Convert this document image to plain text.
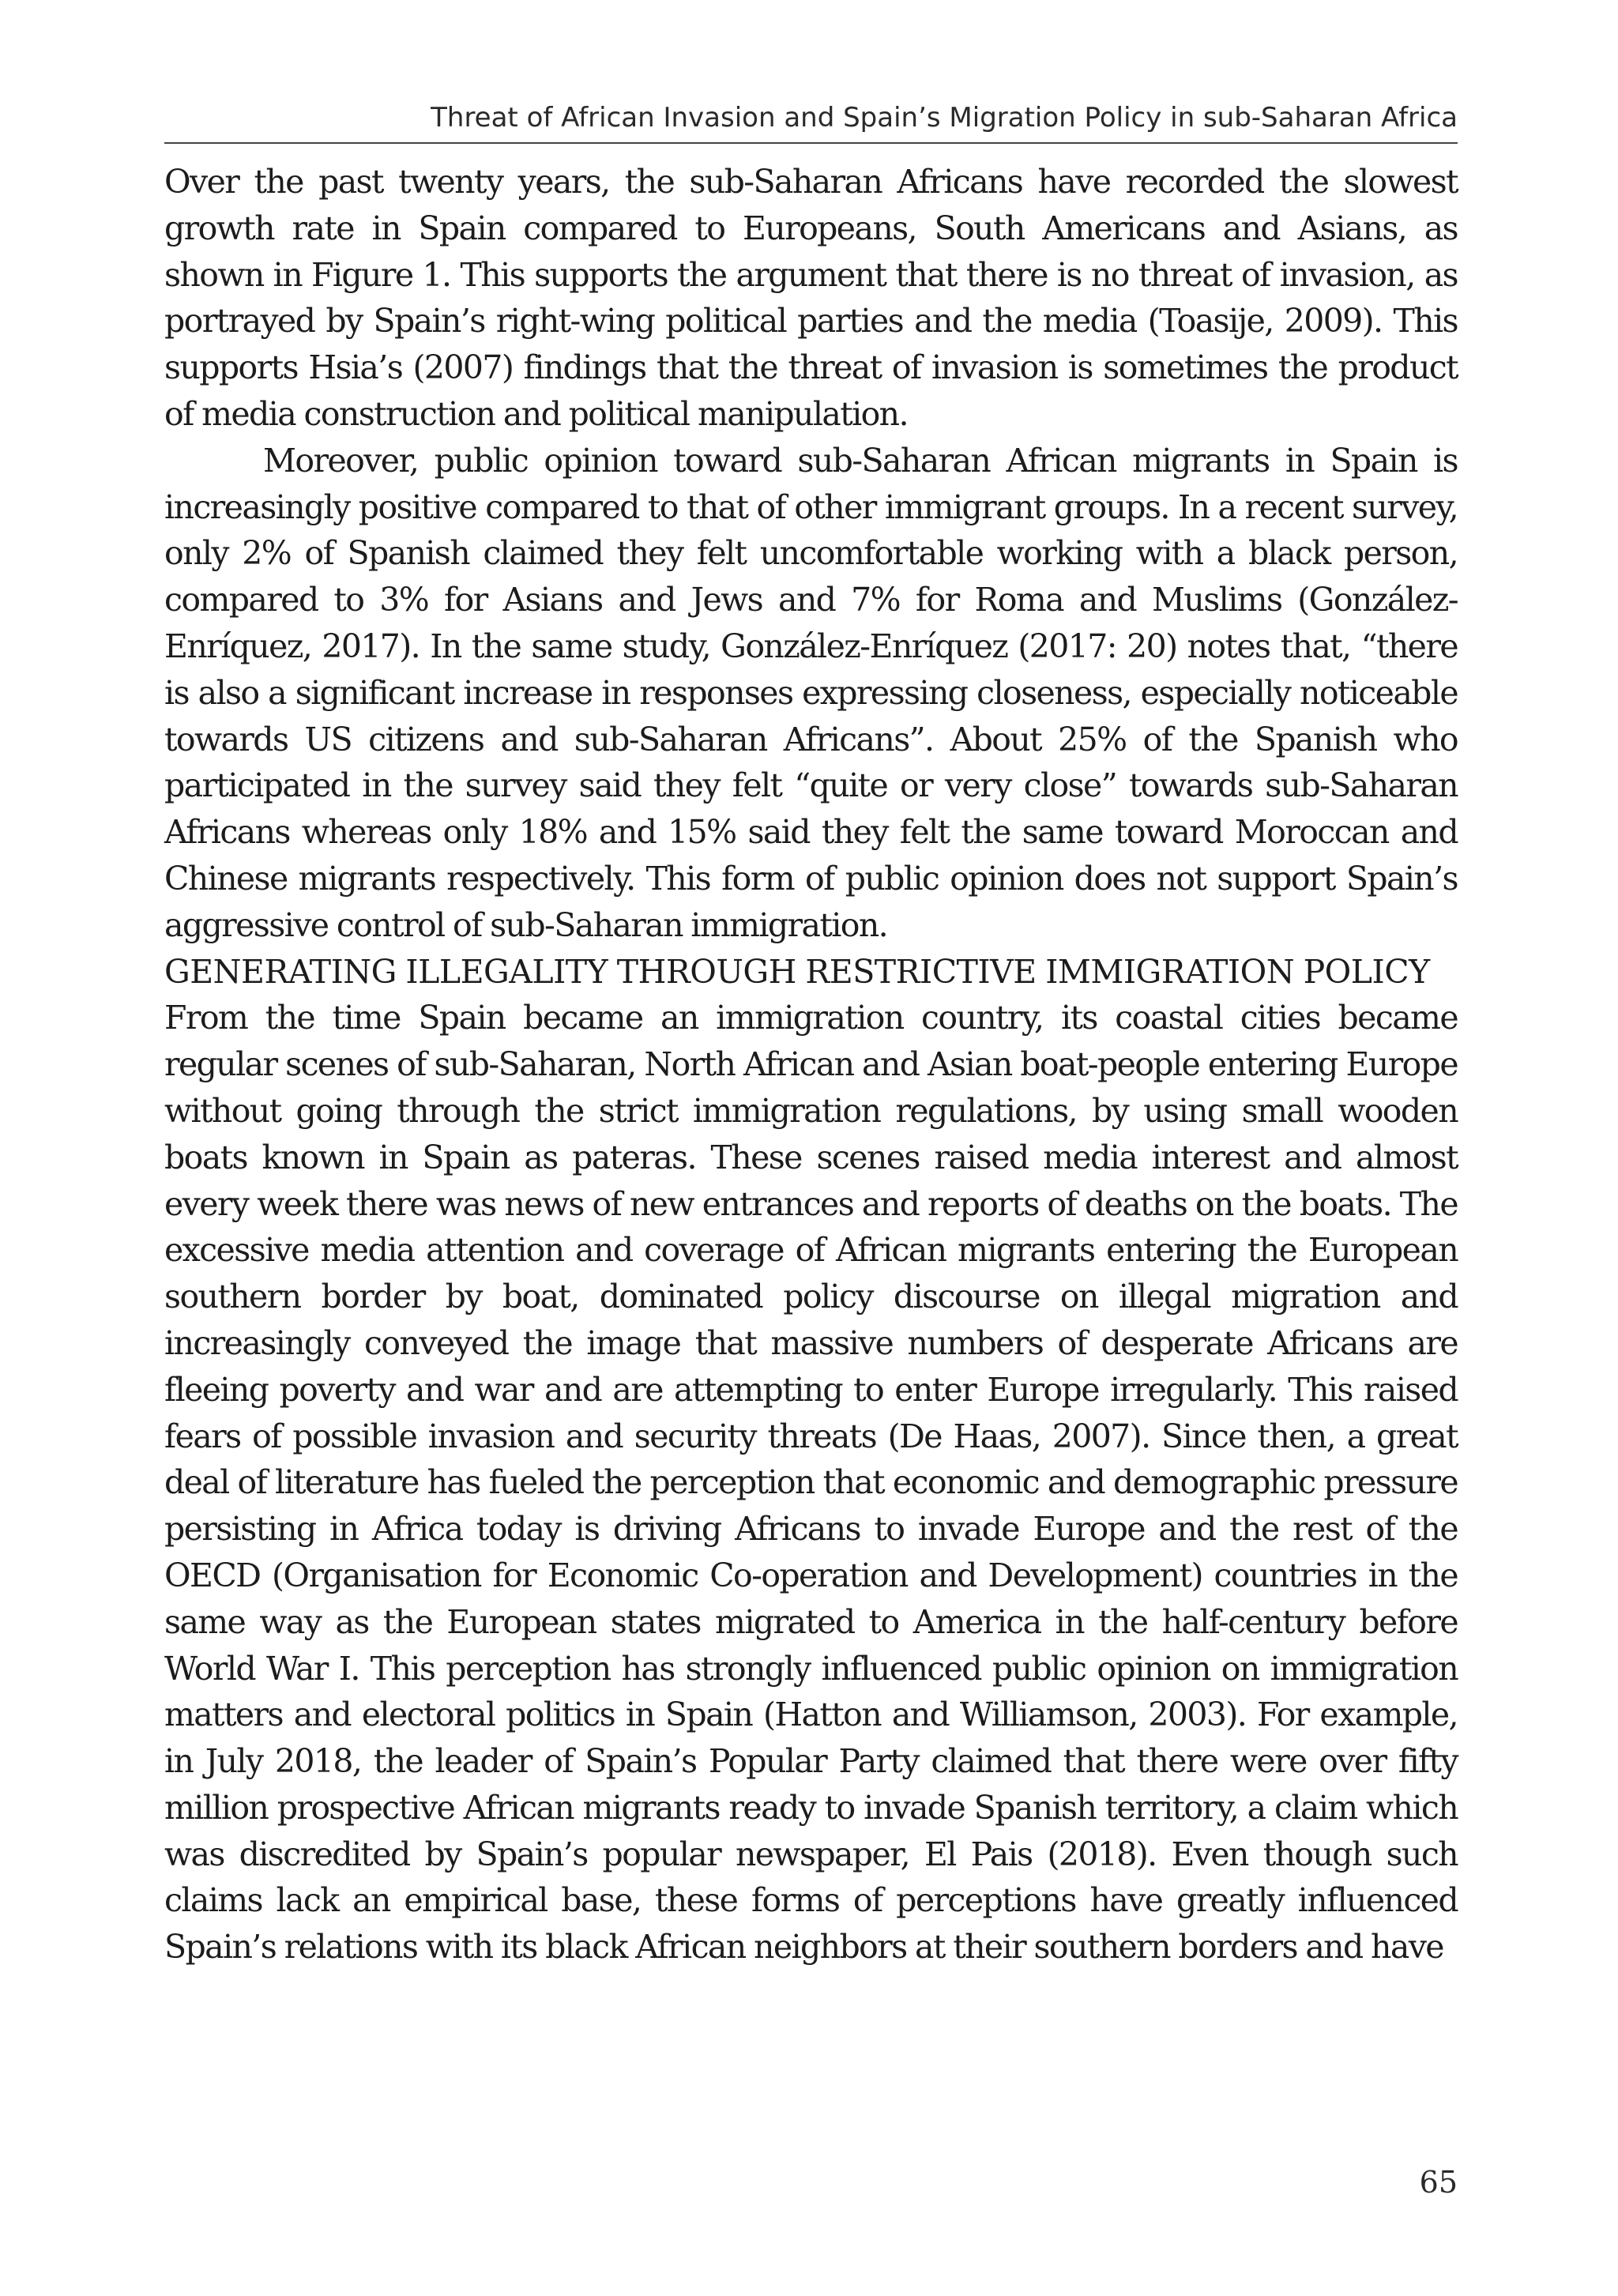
Threat of African Invasion and Spain’s Migration Policy in sub-Saharan Africa

Over the past twenty years, the sub-Saharan Africans have recorded the slowest growth rate in Spain compared to Europeans, South Americans and Asians, as shown in Figure 1. This supports the argument that there is no threat of invasion, as portrayed by Spain’s right-wing political parties and the media (Toasije, 2009). This supports Hsia’s (2007) findings that the threat of invasion is sometimes the product of media construction and political manipulation.

Moreover, public opinion toward sub-Saharan African migrants in Spain is increasingly positive compared to that of other immigrant groups. In a recent survey, only 2% of Spanish claimed they felt uncomfortable working with a black person, compared to 3% for Asians and Jews and 7% for Roma and Muslims (González-Enríquez, 2017). In the same study, González-Enríquez (2017: 20) notes that, “there is also a significant increase in responses expressing closeness, especially noticeable towards US citizens and sub-Saharan Africans”. About 25% of the Spanish who participated in the survey said they felt “quite or very close” towards sub-Saharan Africans whereas only 18% and 15% said they felt the same toward Moroccan and Chinese migrants respectively. This form of public opinion does not support Spain’s aggressive control of sub-Saharan immigration.

GENERATING ILLEGALITY THROUGH RESTRICTIVE IMMIGRATION POLICY

From the time Spain became an immigration country, its coastal cities became regular scenes of sub-Saharan, North African and Asian boat-people entering Europe without going through the strict immigration regulations, by using small wooden boats known in Spain as pateras. These scenes raised media interest and almost every week there was news of new entrances and reports of deaths on the boats. The excessive media attention and coverage of African migrants entering the European southern border by boat, dominated policy discourse on illegal migration and increasingly conveyed the image that massive numbers of desperate Africans are fleeing poverty and war and are attempting to enter Europe irregularly. This raised fears of possible invasion and security threats (De Haas, 2007). Since then, a great deal of literature has fueled the perception that economic and demographic pressure persisting in Africa today is driving Africans to invade Europe and the rest of the OECD (Organisation for Economic Co-operation and Development) countries in the same way as the European states migrated to America in the half-century before World War I. This perception has strongly influenced public opinion on immigration matters and electoral politics in Spain (Hatton and Williamson, 2003). For example, in July 2018, the leader of Spain’s Popular Party claimed that there were over fifty million prospective African migrants ready to invade Spanish territory, a claim which was discredited by Spain’s popular newspaper, El Pais (2018). Even though such claims lack an empirical base, these forms of perceptions have greatly influenced Spain’s relations with its black African neighbors at their southern borders and have

65
